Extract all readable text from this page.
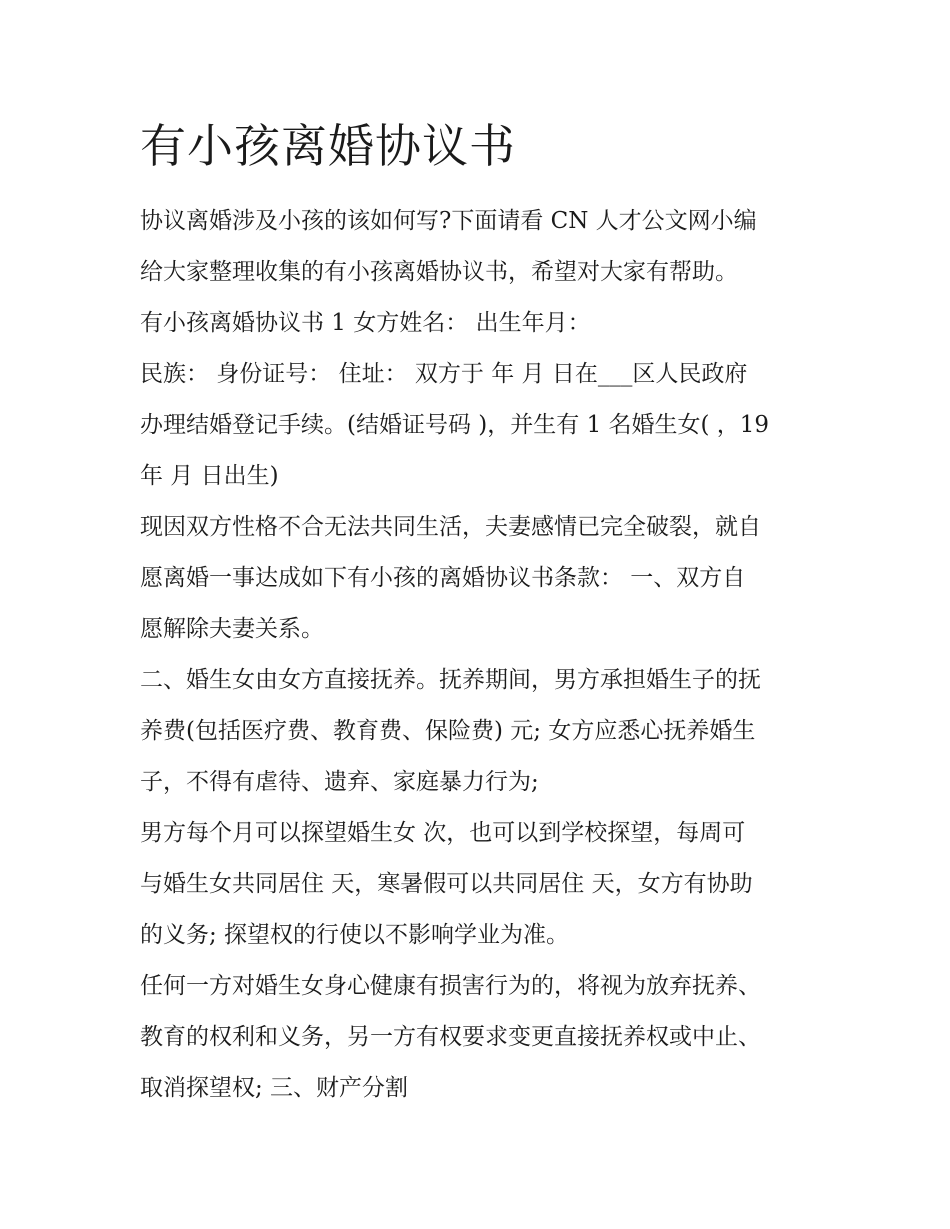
有小孩离婚协议书

协议离婚涉及小孩的该如何写?下面请看 CN 人才公文网小编

给大家整理收集的有小孩离婚协议书，希望对大家有帮助。

有小孩离婚协议书 1 女方姓名： 出生年月：

民族： 身份证号： 住址： 双方于 年 月 日在___区人民政府

办理结婚登记手续。(结婚证号码 )，并生有 1 名婚生女( ，19

年 月 日出生)

现因双方性格不合无法共同生活，夫妻感情已完全破裂，就自

愿离婚一事达成如下有小孩的离婚协议书条款： 一、双方自

愿解除夫妻关系。

二、婚生女由女方直接抚养。抚养期间，男方承担婚生子的抚

养费(包括医疗费、教育费、保险费) 元; 女方应悉心抚养婚生

子，不得有虐待、遗弃、家庭暴力行为;

男方每个月可以探望婚生女 次，也可以到学校探望，每周可

与婚生女共同居住 天，寒暑假可以共同居住 天，女方有协助

的义务; 探望权的行使以不影响学业为准。

任何一方对婚生女身心健康有损害行为的，将视为放弃抚养、

教育的权利和义务，另一方有权要求变更直接抚养权或中止、

取消探望权; 三、财产分割
